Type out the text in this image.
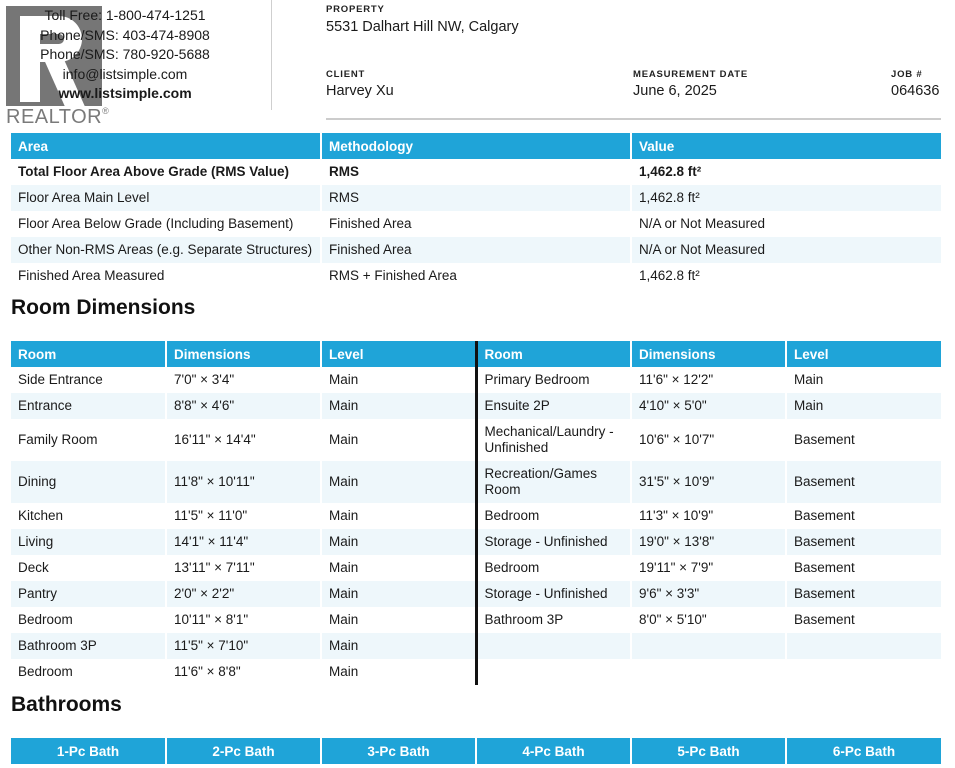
REALTOR®
Toll Free: 1-800-474-1251
Phone/SMS: 403-474-8908
Phone/SMS: 780-920-5688
info@listsimple.com
www.listsimple.com
PROPERTY
5531 Dalhart Hill NW, Calgary
CLIENT
Harvey Xu
MEASUREMENT DATE
June 6, 2025
JOB #
064636
Area	Methodology	Value
Total Floor Area Above Grade (RMS Value)	RMS	1,462.8 ft²
Floor Area Main Level	RMS	1,462.8 ft²
Floor Area Below Grade (Including Basement)	Finished Area	N/A or Not Measured
Other Non-RMS Areas (e.g. Separate Structures)	Finished Area	N/A or Not Measured
Finished Area Measured	RMS + Finished Area	1,462.8 ft²
Room Dimensions
Room	Dimensions	Level	Room	Dimensions	Level
Side Entrance	7'0" × 3'4"	Main	Primary Bedroom	11'6" × 12'2"	Main
Entrance	8'8" × 4'6"	Main	Ensuite 2P	4'10" × 5'0"	Main
Family Room	16'11" × 14'4"	Main	Mechanical/Laundry - Unfinished	10'6" × 10'7"	Basement
Dining	11'8" × 10'11"	Main	Recreation/Games Room	31'5" × 10'9"	Basement
Kitchen	11'5" × 11'0"	Main	Bedroom	11'3" × 10'9"	Basement
Living	14'1" × 11'4"	Main	Storage - Unfinished	19'0" × 13'8"	Basement
Deck	13'11" × 7'11"	Main	Bedroom	19'11" × 7'9"	Basement
Pantry	2'0" × 2'2"	Main	Storage - Unfinished	9'6" × 3'3"	Basement
Bedroom	10'11" × 8'1"	Main	Bathroom 3P	8'0" × 5'10"	Basement
Bathroom 3P	11'5" × 7'10"	Main			
Bedroom	11'6" × 8'8"	Main			
Bathrooms
1-Pc Bath	2-Pc Bath	3-Pc Bath	4-Pc Bath	5-Pc Bath	6-Pc Bath
